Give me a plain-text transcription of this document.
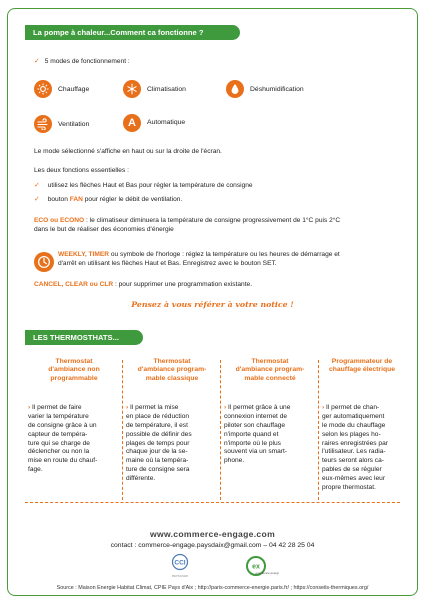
La pompe à chaleur...Comment ca fonctionne ?
✓ 5 modes de fonctionnement :
Chauffage	Climatisation	Déshumidification
Ventilation	A Automatique
Le mode sélectionné s'affiche en haut ou sur la droite de l'écran.
Les deux fonctions essentielles :
✓ utilisez les flèches Haut et Bas pour régler la température de consigne
✓ bouton FAN pour régler le débit de ventilation.
ECO ou ECONO : le climatiseur diminuera la température de consigne progressivement de 1°C puis 2°C
dans le but de réaliser des économies d'énergie
WEEKLY, TIMER ou symbole de l'horloge : réglez la température ou les heures de démarrage et
d'arrêt en utilisant les flèches Haut et Bas. Enregistrez avec le bouton SET.
CANCEL, CLEAR ou CLR : pour supprimer une programmation existante.
Pensez à vous référer à votre notice !
LES THERMOSTHATS...
Thermostat
d'ambiance non
programmable
› Il permet de faire
varier la température
de consigne grâce à un
capteur de tempéra-
ture qui se charge de
déclencher ou non la
mise en route du chauf-
fage.
Thermostat
d'ambiance program-
mable classique
› Il permet la mise
en place de réduction
de température, il est
possible de définir des
plages de temps pour
chaque jour de la se-
maine où la tempéra-
ture de consigne sera
différente.
Thermostat
d'ambiance program-
mable connecté
› Il permet grâce à une
connexion internet de
piloter son chauffage
n'importe quand et
n'importe où le plus
souvent via un smart-
phone.
Programmateur de
chauffage électrique
› Il permet de chan-
ger automatiquement
le mode du chauffage
selon les plages ho-
raires enregistrées par
l'utilisateur. Les radia-
teurs seront alors ca-
pables de se réguler
eux-mêmes avec leur
propre thermostat.
www.commerce-engage.com
contact : commerce-engage.paysdaix@gmail.com – 04 42 28 25 04
CCI
PAYS D'AIX
ex
excellence énergie
Source : Maison Energie Habitat Climat, CPIE Pays d'Aix ; http://paris-commerce-energie.paris.fr/ ; https://conseils-thermiques.org/
